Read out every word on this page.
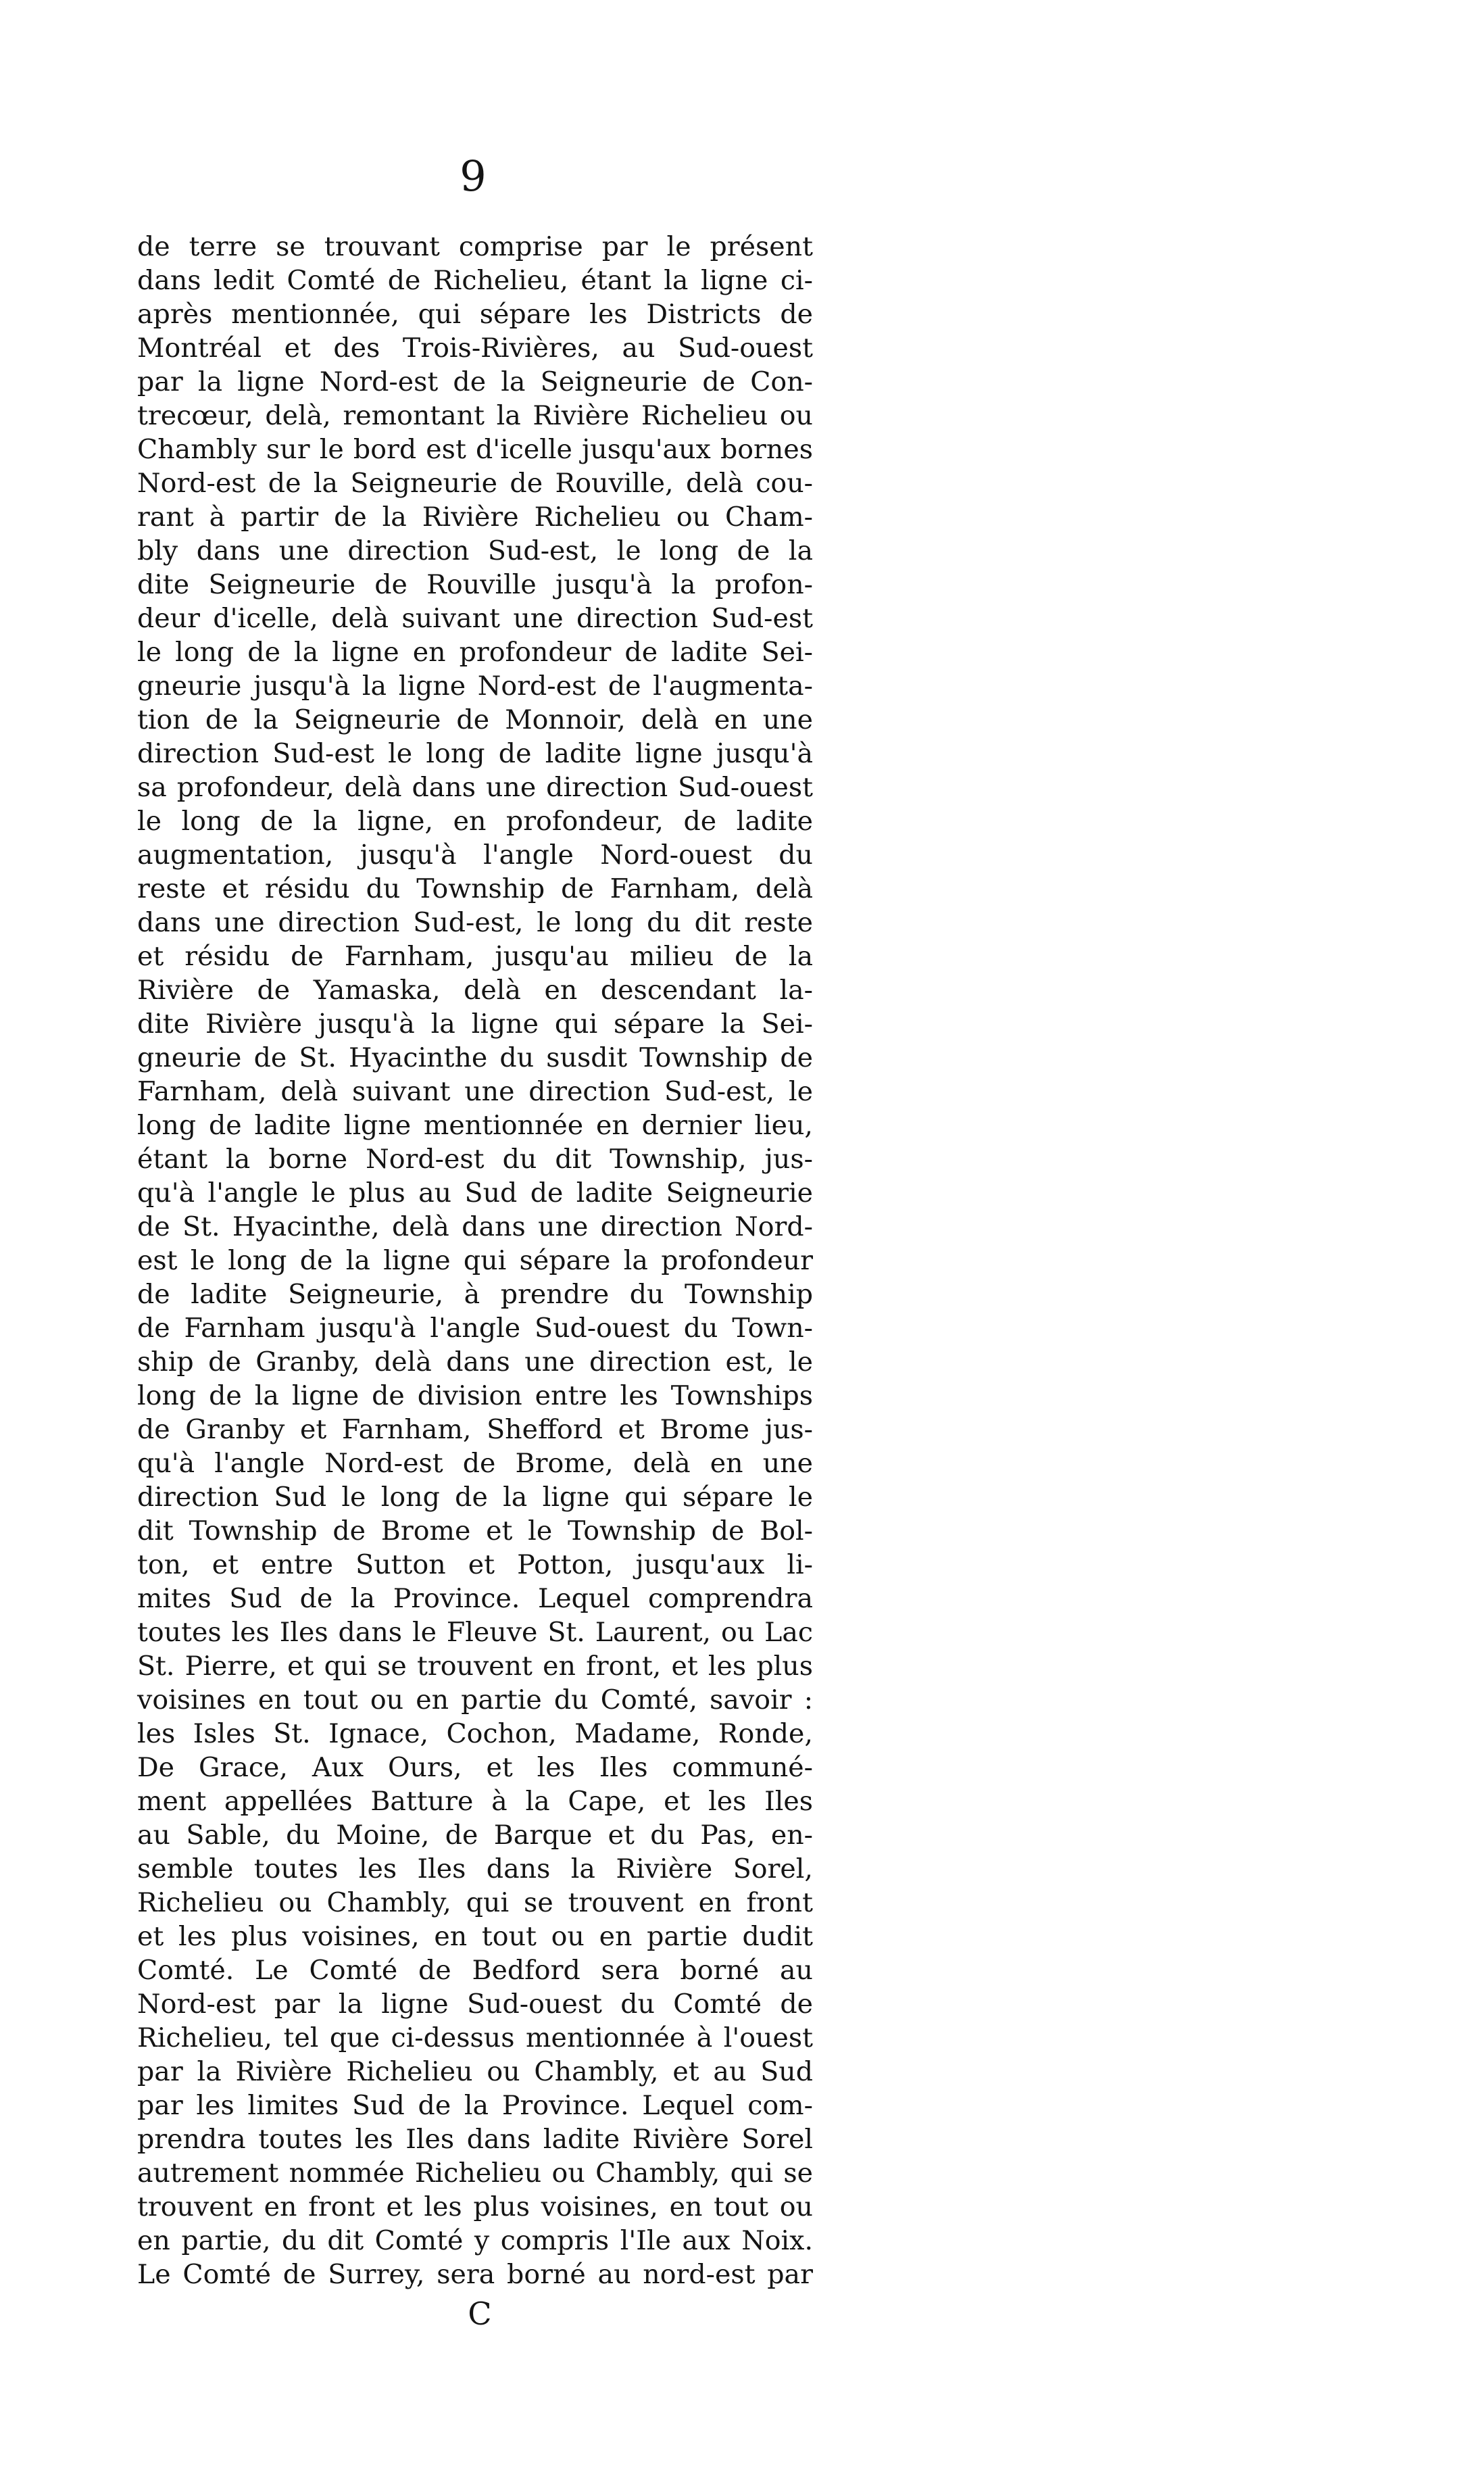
9
de terre se trouvant comprise par le présent
dans ledit Comté de Richelieu, étant la ligne ci-
après mentionnée, qui sépare les Districts de
Montréal et des Trois-Rivières, au Sud-ouest
par la ligne Nord-est de la Seigneurie de Con-
trecœur, delà, remontant la Rivière Richelieu ou
Chambly sur le bord est d'icelle jusqu'aux bornes
Nord-est de la Seigneurie de Rouville, delà cou-
rant à partir de la Rivière Richelieu ou Cham-
bly dans une direction Sud-est, le long de la
dite Seigneurie de Rouville jusqu'à la profon-
deur d'icelle, delà suivant une direction Sud-est
le long de la ligne en profondeur de ladite Sei-
gneurie jusqu'à la ligne Nord-est de l'augmenta-
tion de la Seigneurie de Monnoir, delà en une
direction Sud-est le long de ladite ligne jusqu'à
sa profondeur, delà dans une direction Sud-ouest
le long de la ligne, en profondeur, de ladite
augmentation, jusqu'à l'angle Nord-ouest du
reste et résidu du Township de Farnham, delà
dans une direction Sud-est, le long du dit reste
et résidu de Farnham, jusqu'au milieu de la
Rivière de Yamaska, delà en descendant la-
dite Rivière jusqu'à la ligne qui sépare la Sei-
gneurie de St. Hyacinthe du susdit Township de
Farnham, delà suivant une direction Sud-est, le
long de ladite ligne mentionnée en dernier lieu,
étant la borne Nord-est du dit Township, jus-
qu'à l'angle le plus au Sud de ladite Seigneurie
de St. Hyacinthe, delà dans une direction Nord-
est le long de la ligne qui sépare la profondeur
de ladite Seigneurie, à prendre du Township
de Farnham jusqu'à l'angle Sud-ouest du Town-
ship de Granby, delà dans une direction est, le
long de la ligne de division entre les Townships
de Granby et Farnham, Shefford et Brome jus-
qu'à l'angle Nord-est de Brome, delà en une
direction Sud le long de la ligne qui sépare le
dit Township de Brome et le Township de Bol-
ton, et entre Sutton et Potton, jusqu'aux li-
mites Sud de la Province. Lequel comprendra
toutes les Iles dans le Fleuve St. Laurent, ou Lac
St. Pierre, et qui se trouvent en front, et les plus
voisines en tout ou en partie du Comté, savoir :
les Isles St. Ignace, Cochon, Madame, Ronde,
De Grace, Aux Ours, et les Iles communé-
ment appellées Batture à la Cape, et les Iles
au Sable, du Moine, de Barque et du Pas, en-
semble toutes les Iles dans la Rivière Sorel,
Richelieu ou Chambly, qui se trouvent en front
et les plus voisines, en tout ou en partie dudit
Comté. Le Comté de Bedford sera borné au
Nord-est par la ligne Sud-ouest du Comté de
Richelieu, tel que ci-dessus mentionnée à l'ouest
par la Rivière Richelieu ou Chambly, et au Sud
par les limites Sud de la Province. Lequel com-
prendra toutes les Iles dans ladite Rivière Sorel
autrement nommée Richelieu ou Chambly, qui se
trouvent en front et les plus voisines, en tout ou
en partie, du dit Comté y compris l'Ile aux Noix.
Le Comté de Surrey, sera borné au nord-est par
C
